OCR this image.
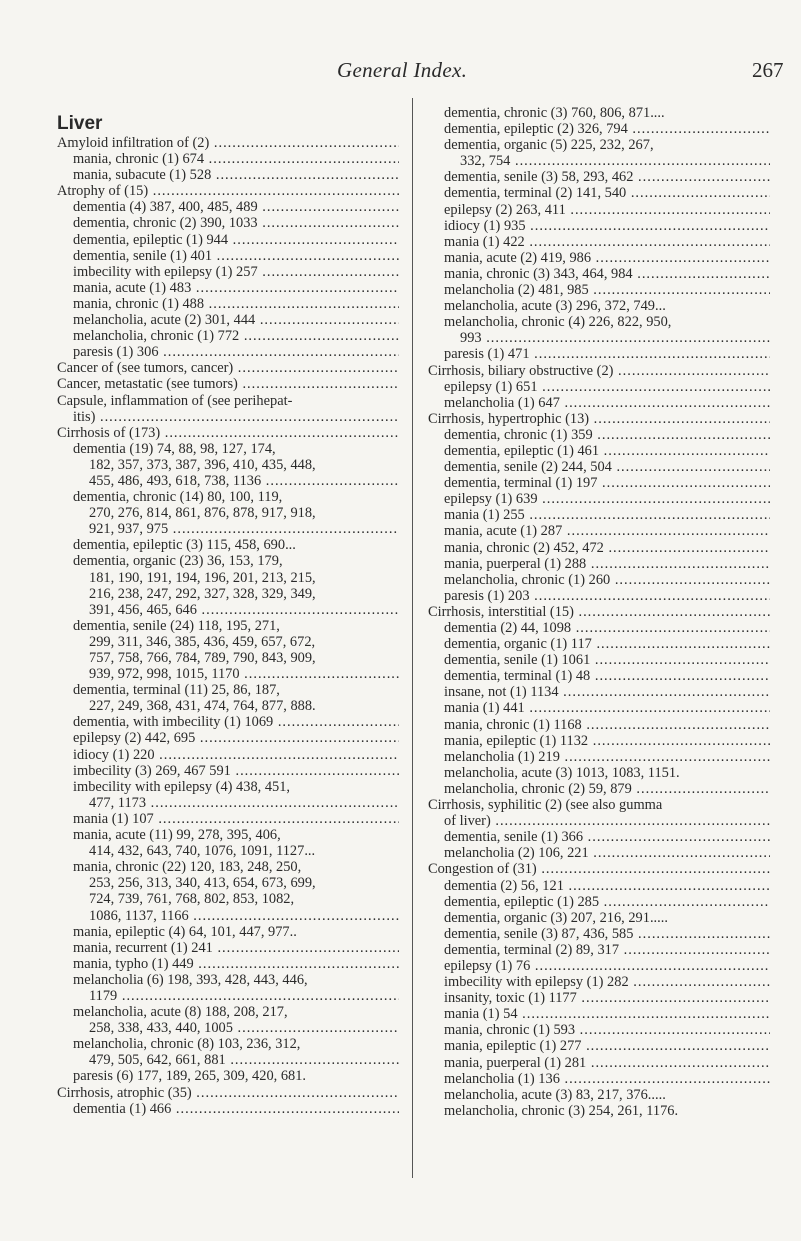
General Index.	267
Liver
Amyloid infiltration of (2) .....
mania, chronic (1) 674 .....
mania, subacute (1) 528 .....
Atrophy of (15) .....
dementia (4) 387, 400, 485, 489 .....
dementia, chronic (2) 390, 1033 .....
dementia, epileptic (1) 944 .....
dementia, senile (1) 401 .....
imbecility with epilepsy (1) 257 .....
mania, acute (1) 483 .....
mania, chronic (1) 488 .....
melancholia, acute (2) 301, 444 .....
melancholia, chronic (1) 772 .....
paresis (1) 306 .....
Cancer of (see tumors, cancer) .....
Cancer, metastatic (see tumors) .....
Capsule, inflammation of (see perihepat-
itis) .....
Cirrhosis of (173) .....
dementia (19) 74, 88, 98, 127, 174,
182, 357, 373, 387, 396, 410, 435, 448,
455, 486, 493, 618, 738, 1136 .....
dementia, chronic (14) 80, 100, 119,
270, 276, 814, 861, 876, 878, 917, 918,
921, 937, 975 .....
dementia, epileptic (3) 115, 458, 690...
dementia, organic (23) 36, 153, 179,
181, 190, 191, 194, 196, 201, 213, 215,
216, 238, 247, 292, 327, 328, 329, 349,
391, 456, 465, 646 .....
dementia, senile (24) 118, 195, 271,
299, 311, 346, 385, 436, 459, 657, 672,
757, 758, 766, 784, 789, 790, 843, 909,
939, 972, 998, 1015, 1170 .....
dementia, terminal (11) 25, 86, 187,
227, 249, 368, 431, 474, 764, 877, 888.
dementia, with imbecility (1) 1069 .....
epilepsy (2) 442, 695 .....
idiocy (1) 220 .....
imbecility (3) 269, 467 591 .....
imbecility with epilepsy (4) 438, 451,
477, 1173 .....
mania (1) 107 .....
mania, acute (11) 99, 278, 395, 406,
414, 432, 643, 740, 1076, 1091, 1127...
mania, chronic (22) 120, 183, 248, 250,
253, 256, 313, 340, 413, 654, 673, 699,
724, 739, 761, 768, 802, 853, 1082,
1086, 1137, 1166 .....
mania, epileptic (4) 64, 101, 447, 977..
mania, recurrent (1) 241 .....
mania, typho (1) 449 .....
melancholia (6) 198, 393, 428, 443, 446,
1179 .....
melancholia, acute (8) 188, 208, 217,
258, 338, 433, 440, 1005 .....
melancholia, chronic (8) 103, 236, 312,
479, 505, 642, 661, 881 .....
paresis (6) 177, 189, 265, 309, 420, 681.
Cirrhosis, atrophic (35) .....
dementia (1) 466 .....
dementia, chronic (3) 760, 806, 871....
dementia, epileptic (2) 326, 794 .....
dementia, organic (5) 225, 232, 267,
332, 754 .....
dementia, senile (3) 58, 293, 462 .....
dementia, terminal (2) 141, 540 .....
epilepsy (2) 263, 411 .....
idiocy (1) 935 .....
mania (1) 422 .....
mania, acute (2) 419, 986 .....
mania, chronic (3) 343, 464, 984 .....
melancholia (2) 481, 985 .....
melancholia, acute (3) 296, 372, 749...
melancholia, chronic (4) 226, 822, 950,
993 .....
paresis (1) 471 .....
Cirrhosis, biliary obstructive (2) .....
epilepsy (1) 651 .....
melancholia (1) 647 .....
Cirrhosis, hypertrophic (13) .....
dementia, chronic (1) 359 .....
dementia, epileptic (1) 461 .....
dementia, senile (2) 244, 504 .....
dementia, terminal (1) 197 .....
epilepsy (1) 639 .....
mania (1) 255 .....
mania, acute (1) 287 .....
mania, chronic (2) 452, 472 .....
mania, puerperal (1) 288 .....
melancholia, chronic (1) 260 .....
paresis (1) 203 .....
Cirrhosis, interstitial (15) .....
dementia (2) 44, 1098 .....
dementia, organic (1) 117 .....
dementia, senile (1) 1061 .....
dementia, terminal (1) 48 .....
insane, not (1) 1134 .....
mania (1) 441 .....
mania, chronic (1) 1168 .....
mania, epileptic (1) 1132 .....
melancholia (1) 219 .....
melancholia, acute (3) 1013, 1083, 1151.
melancholia, chronic (2) 59, 879 .....
Cirrhosis, syphilitic (2) (see also gumma
of liver) .....
dementia, senile (1) 366 .....
melancholia (2) 106, 221 .....
Congestion of (31) .....
dementia (2) 56, 121 .....
dementia, epileptic (1) 285 .....
dementia, organic (3) 207, 216, 291.....
dementia, senile (3) 87, 436, 585 .....
dementia, terminal (2) 89, 317 .....
epilepsy (1) 76 .....
imbecility with epilepsy (1) 282 .....
insanity, toxic (1) 1177 .....
mania (1) 54 .....
mania, chronic (1) 593 .....
mania, epileptic (1) 277 .....
mania, puerperal (1) 281 .....
melancholia (1) 136 .....
melancholia, acute (3) 83, 217, 376.....
melancholia, chronic (3) 254, 261, 1176.
